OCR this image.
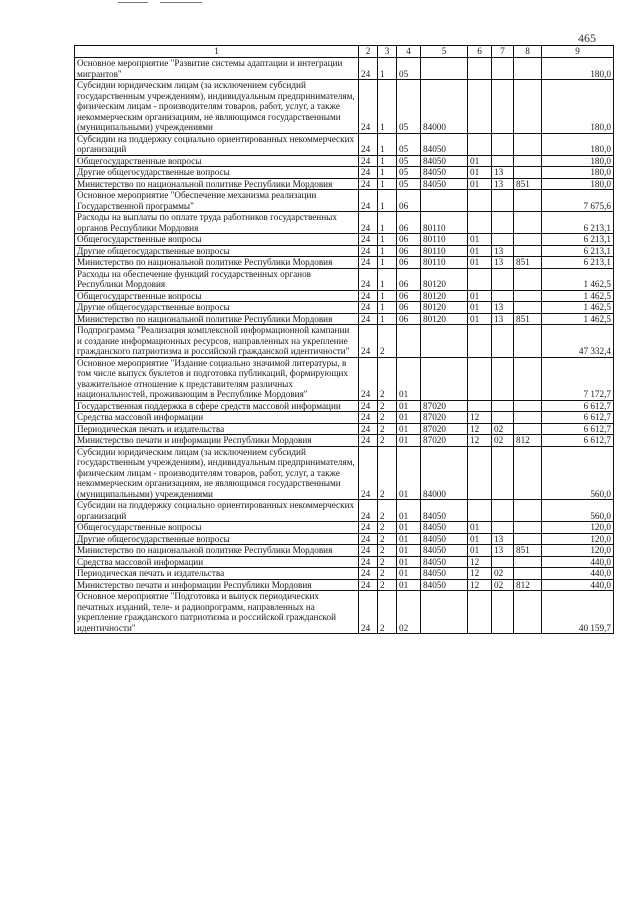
465
1	2	3	4	5	6	7	8	9
Основное мероприятие "Развитие системы адаптации и интеграции мигрантов"	24	1	05					180,0
Субсидии юридическим лицам (за исключением субсидий государственным учреждениям), индивидуальным предпринимателям, физическим лицам - производителям товаров, работ, услуг, а также некоммерческим организациям, не являющимся государственными (муниципальными) учреждениями	24	1	05	84000				180,0
Субсидии на поддержку социально ориентированных некоммерческих организаций	24	1	05	84050				180,0
Общегосударственные вопросы	24	1	05	84050	01			180,0
Другие общегосударственные вопросы	24	1	05	84050	01	13		180,0
Министерство по национальной политике Республики Мордовия	24	1	05	84050	01	13	851	180,0
Основное мероприятие "Обеспечение механизма реализации Государственной программы"	24	1	06					7 675,6
Расходы на выплаты по оплате труда работников государственных органов Республики Мордовия	24	1	06	80110				6 213,1
Общегосударственные вопросы	24	1	06	80110	01			6 213,1
Другие общегосударственные вопросы	24	1	06	80110	01	13		6 213,1
Министерство по национальной политике Республики Мордовия	24	1	06	80110	01	13	851	6 213,1
Расходы на обеспечение функций государственных органов Республики Мордовия	24	1	06	80120				1 462,5
Общегосударственные вопросы	24	1	06	80120	01			1 462,5
Другие общегосударственные вопросы	24	1	06	80120	01	13		1 462,5
Министерство по национальной политике Республики Мордовия	24	1	06	80120	01	13	851	1 462,5
Подпрограмма "Реализация комплексной информационной кампании и создание информационных ресурсов, направленных на укрепление гражданского патриотизма и российской гражданской идентичности"	24	2						47 332,4
Основное мероприятие "Издание социально значимой литературы, в том числе выпуск буклетов и подготовка публикаций, формирующих уважительное отношение к представителям различных национальностей, проживающим в Республике Мордовия"	24	2	01					7 172,7
Государственная поддержка в сфере средств массовой информации	24	2	01	87020				6 612,7
Средства массовой информации	24	2	01	87020	12			6 612,7
Периодическая печать и издательства	24	2	01	87020	12	02		6 612,7
Министерство печати и информации Республики Мордовия	24	2	01	87020	12	02	812	6 612,7
Субсидии юридическим лицам (за исключением субсидий государственным учреждениям), индивидуальным предпринимателям, физическим лицам - производителям товаров, работ, услуг, а также некоммерческим организациям, не являющимся государственными (муниципальными) учреждениями	24	2	01	84000				560,0
Субсидии на поддержку социально ориентированных некоммерческих организаций	24	2	01	84050				560,0
Общегосударственные вопросы	24	2	01	84050	01			120,0
Другие общегосударственные вопросы	24	2	01	84050	01	13		120,0
Министерство по национальной политике Республики Мордовия	24	2	01	84050	01	13	851	120,0
Средства массовой информации	24	2	01	84050	12			440,0
Периодическая печать и издательства	24	2	01	84050	12	02		440,0
Министерство печати и информации Республики Мордовия	24	2	01	84050	12	02	812	440,0
Основное мероприятие "Подготовка и выпуск периодических печатных изданий, теле- и радиопрограмм, направленных на укрепление гражданского патриотизма и российской гражданской идентичности"	24	2	02					40 159,7
